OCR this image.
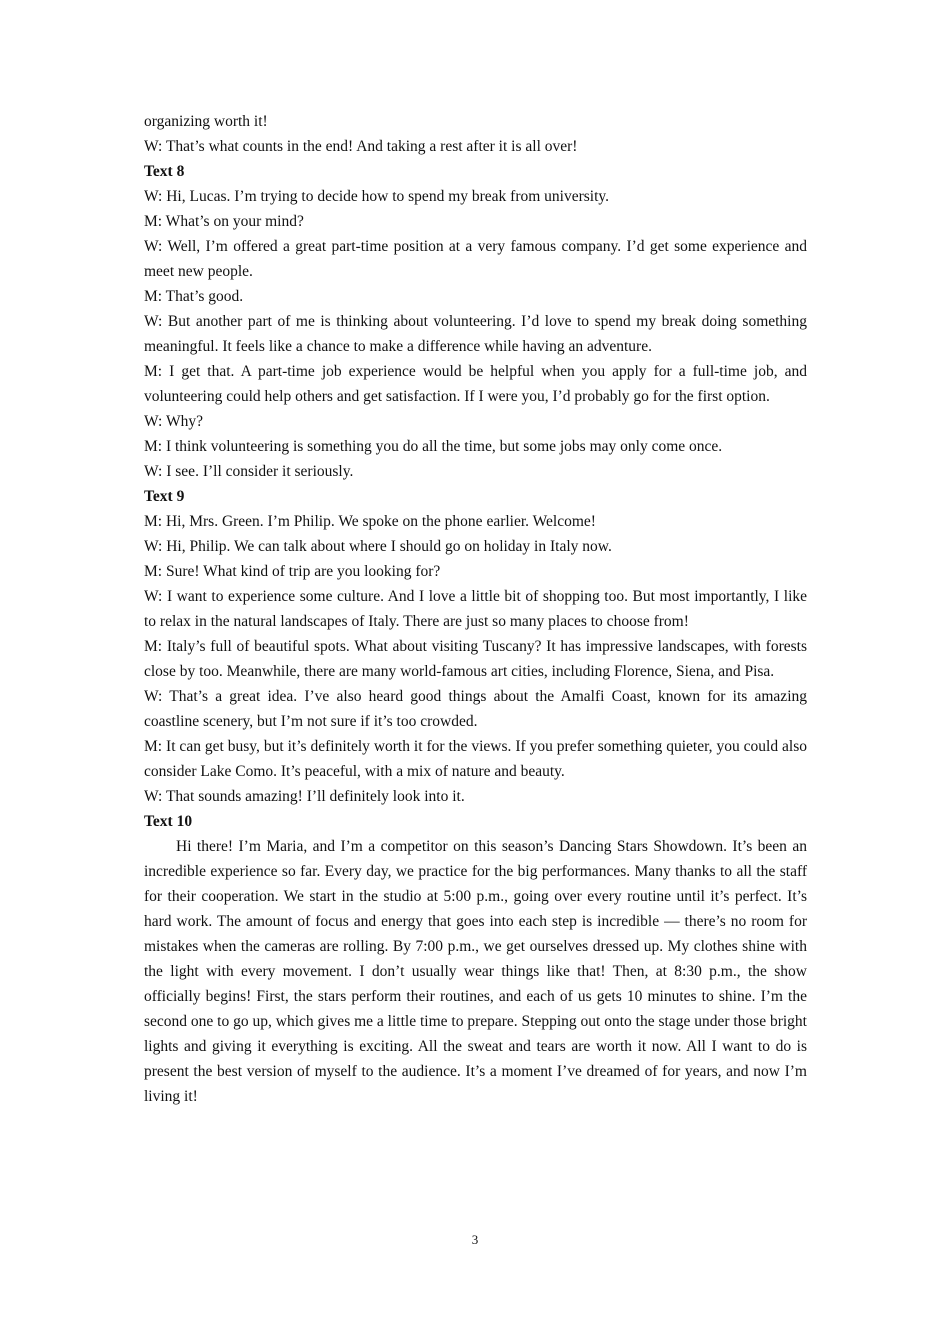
organizing worth it!

W: That’s what counts in the end! And taking a rest after it is all over!

Text 8

W: Hi, Lucas. I’m trying to decide how to spend my break from university.

M: What’s on your mind?

W: Well, I’m offered a great part-time position at a very famous company. I’d get some experience and meet new people.

M: That’s good.

W: But another part of me is thinking about volunteering. I’d love to spend my break doing something meaningful. It feels like a chance to make a difference while having an adventure.

M: I get that. A part-time job experience would be helpful when you apply for a full-time job, and volunteering could help others and get satisfaction. If I were you, I’d probably go for the first option.

W: Why?

M: I think volunteering is something you do all the time, but some jobs may only come once.

W: I see. I’ll consider it seriously.

Text 9

M: Hi, Mrs. Green. I’m Philip. We spoke on the phone earlier. Welcome!

W: Hi, Philip. We can talk about where I should go on holiday in Italy now.

M: Sure! What kind of trip are you looking for?

W: I want to experience some culture. And I love a little bit of shopping too. But most importantly, I like to relax in the natural landscapes of Italy. There are just so many places to choose from!

M: Italy’s full of beautiful spots. What about visiting Tuscany? It has impressive landscapes, with forests close by too. Meanwhile, there are many world-famous art cities, including Florence, Siena, and Pisa.

W: That’s a great idea. I’ve also heard good things about the Amalfi Coast, known for its amazing coastline scenery, but I’m not sure if it’s too crowded.

M: It can get busy, but it’s definitely worth it for the views. If you prefer something quieter, you could also consider Lake Como. It’s peaceful, with a mix of nature and beauty.

W: That sounds amazing! I’ll definitely look into it.

Text 10

Hi there! I’m Maria, and I’m a competitor on this season’s Dancing Stars Showdown. It’s been an incredible experience so far. Every day, we practice for the big performances. Many thanks to all the staff for their cooperation. We start in the studio at 5:00 p.m., going over every routine until it’s perfect. It’s hard work. The amount of focus and energy that goes into each step is incredible — there’s no room for mistakes when the cameras are rolling. By 7:00 p.m., we get ourselves dressed up. My clothes shine with the light with every movement. I don’t usually wear things like that! Then, at 8:30 p.m., the show officially begins! First, the stars perform their routines, and each of us gets 10 minutes to shine. I’m the second one to go up, which gives me a little time to prepare. Stepping out onto the stage under those bright lights and giving it everything is exciting. All the sweat and tears are worth it now. All I want to do is present the best version of myself to the audience. It’s a moment I’ve dreamed of for years, and now I’m living it!

3
